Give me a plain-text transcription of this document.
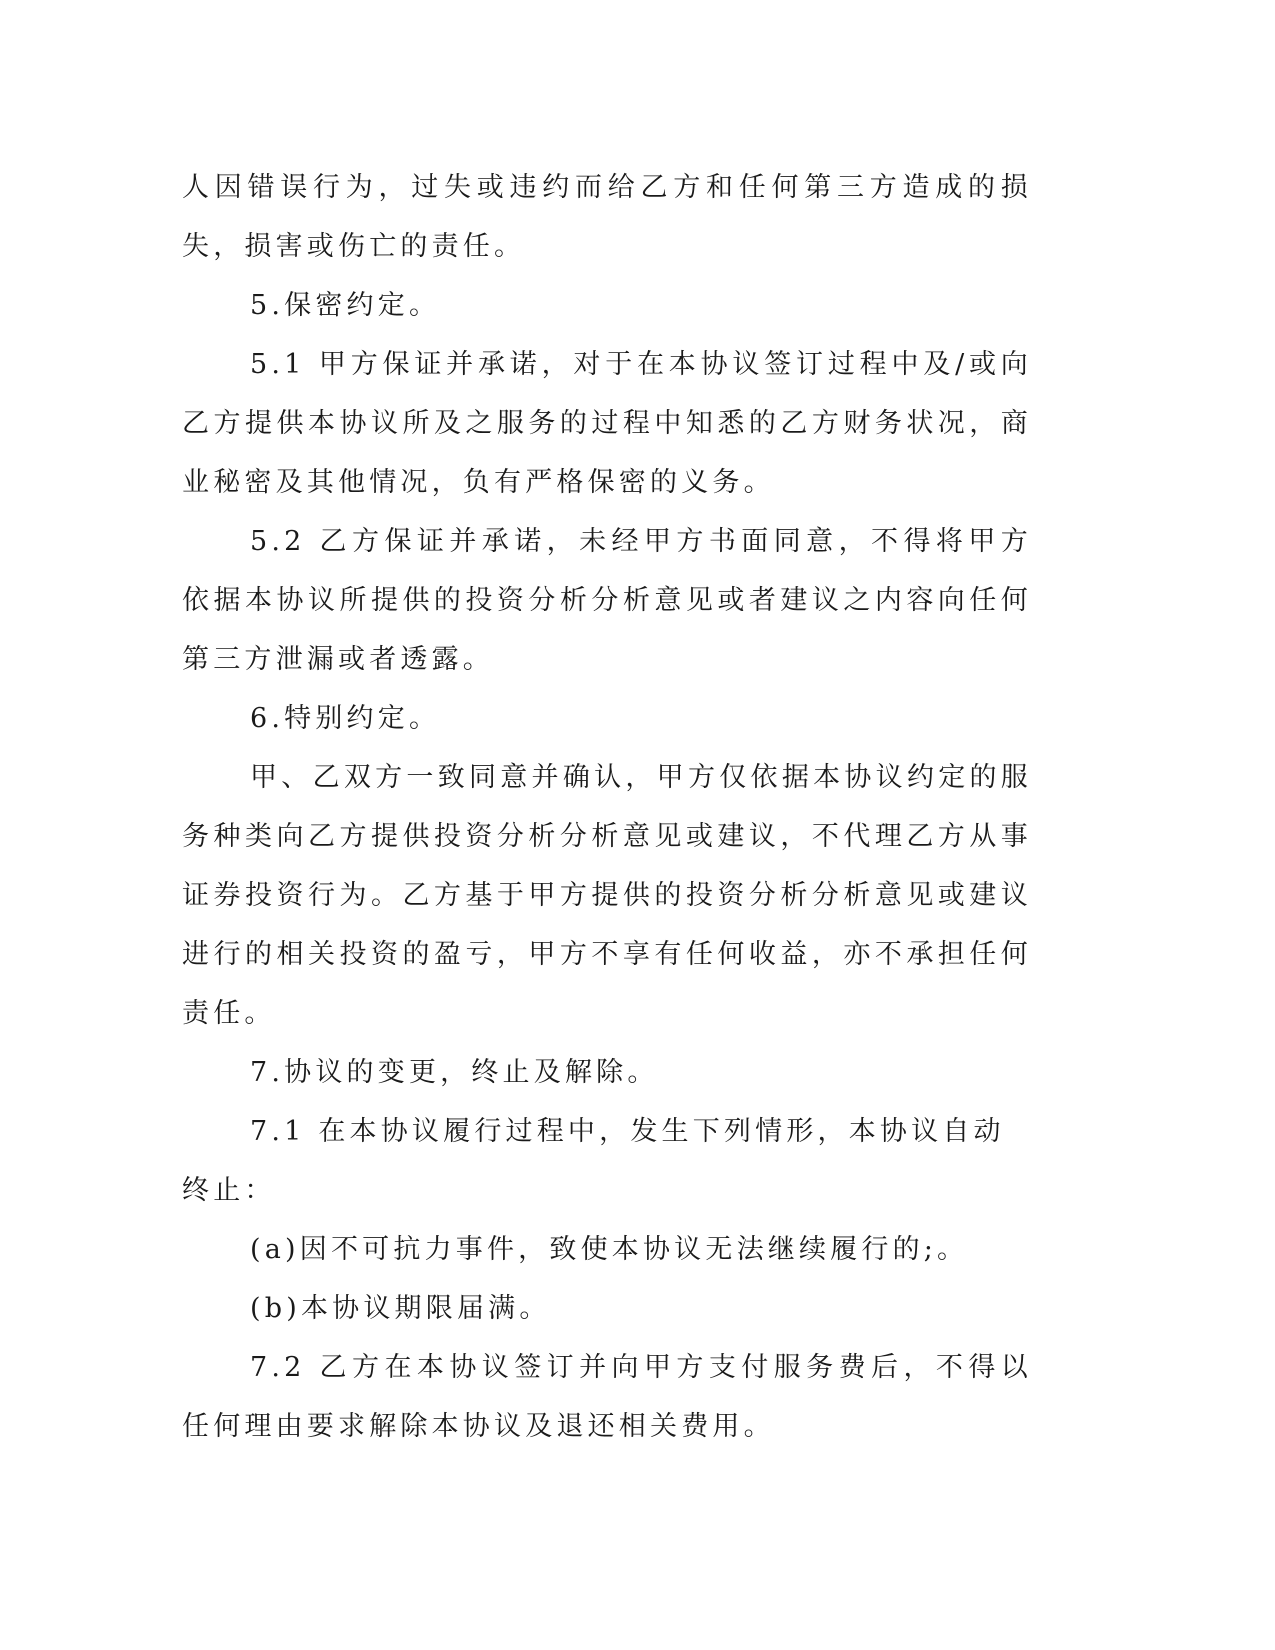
人因错误行为，过失或违约而给乙方和任何第三方造成的损失，损害或伤亡的责任。

5.保密约定。

5.1 甲方保证并承诺，对于在本协议签订过程中及/或向乙方提供本协议所及之服务的过程中知悉的乙方财务状况，商业秘密及其他情况，负有严格保密的义务。

5.2 乙方保证并承诺，未经甲方书面同意，不得将甲方依据本协议所提供的投资分析分析意见或者建议之内容向任何第三方泄漏或者透露。

6.特别约定。

甲、乙双方一致同意并确认，甲方仅依据本协议约定的服务种类向乙方提供投资分析分析意见或建议，不代理乙方从事证券投资行为。乙方基于甲方提供的投资分析分析意见或建议进行的相关投资的盈亏，甲方不享有任何收益，亦不承担任何责任。

7.协议的变更，终止及解除。

7.1 在本协议履行过程中，发生下列情形，本协议自动终止：

(a)因不可抗力事件，致使本协议无法继续履行的;。

(b)本协议期限届满。

7.2 乙方在本协议签订并向甲方支付服务费后，不得以任何理由要求解除本协议及退还相关费用。
